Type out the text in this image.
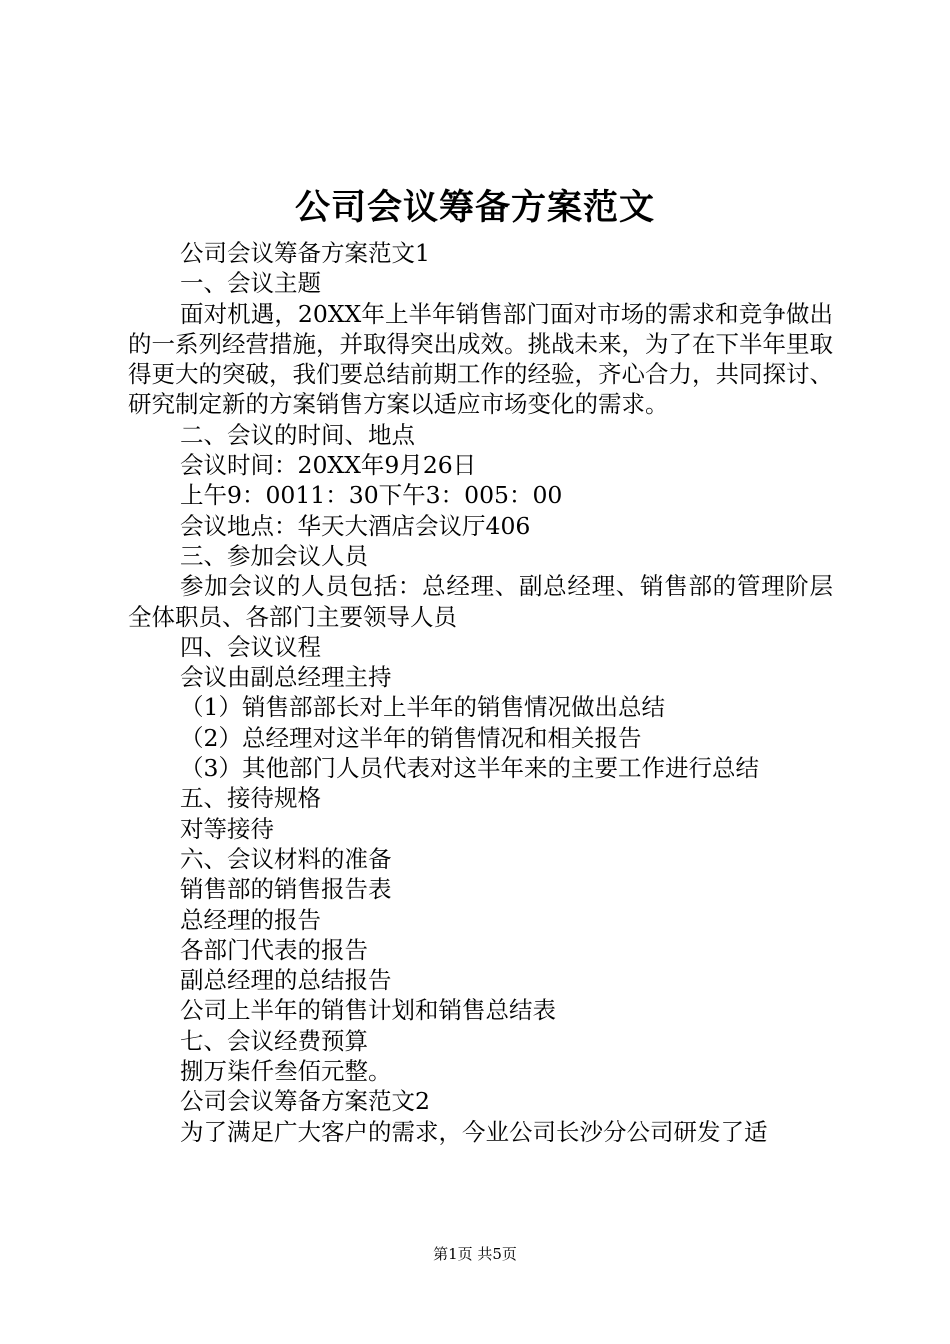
公司会议筹备方案范文

公司会议筹备方案范文1

一、会议主题

面对机遇，20XX年上半年销售部门面对市场的需求和竞争做出的一系列经营措施，并取得突出成效。挑战未来，为了在下半年里取得更大的突破，我们要总结前期工作的经验，齐心合力，共同探讨、研究制定新的方案销售方案以适应市场变化的需求。

二、会议的时间、地点

会议时间：20XX年9月26日

上午9：0011：30下午3：005：00

会议地点：华天大酒店会议厅406

三、参加会议人员

参加会议的人员包括：总经理、副总经理、销售部的管理阶层全体职员、各部门主要领导人员

四、会议议程

会议由副总经理主持

（1）销售部部长对上半年的销售情况做出总结

（2）总经理对这半年的销售情况和相关报告

（3）其他部门人员代表对这半年来的主要工作进行总结

五、接待规格

对等接待

六、会议材料的准备

销售部的销售报告表

总经理的报告

各部门代表的报告

副总经理的总结报告

公司上半年的销售计划和销售总结表

七、会议经费预算

捌万柒仟叁佰元整。

公司会议筹备方案范文2

为了满足广大客户的需求，今业公司长沙分公司研发了适

第1页 共5页
